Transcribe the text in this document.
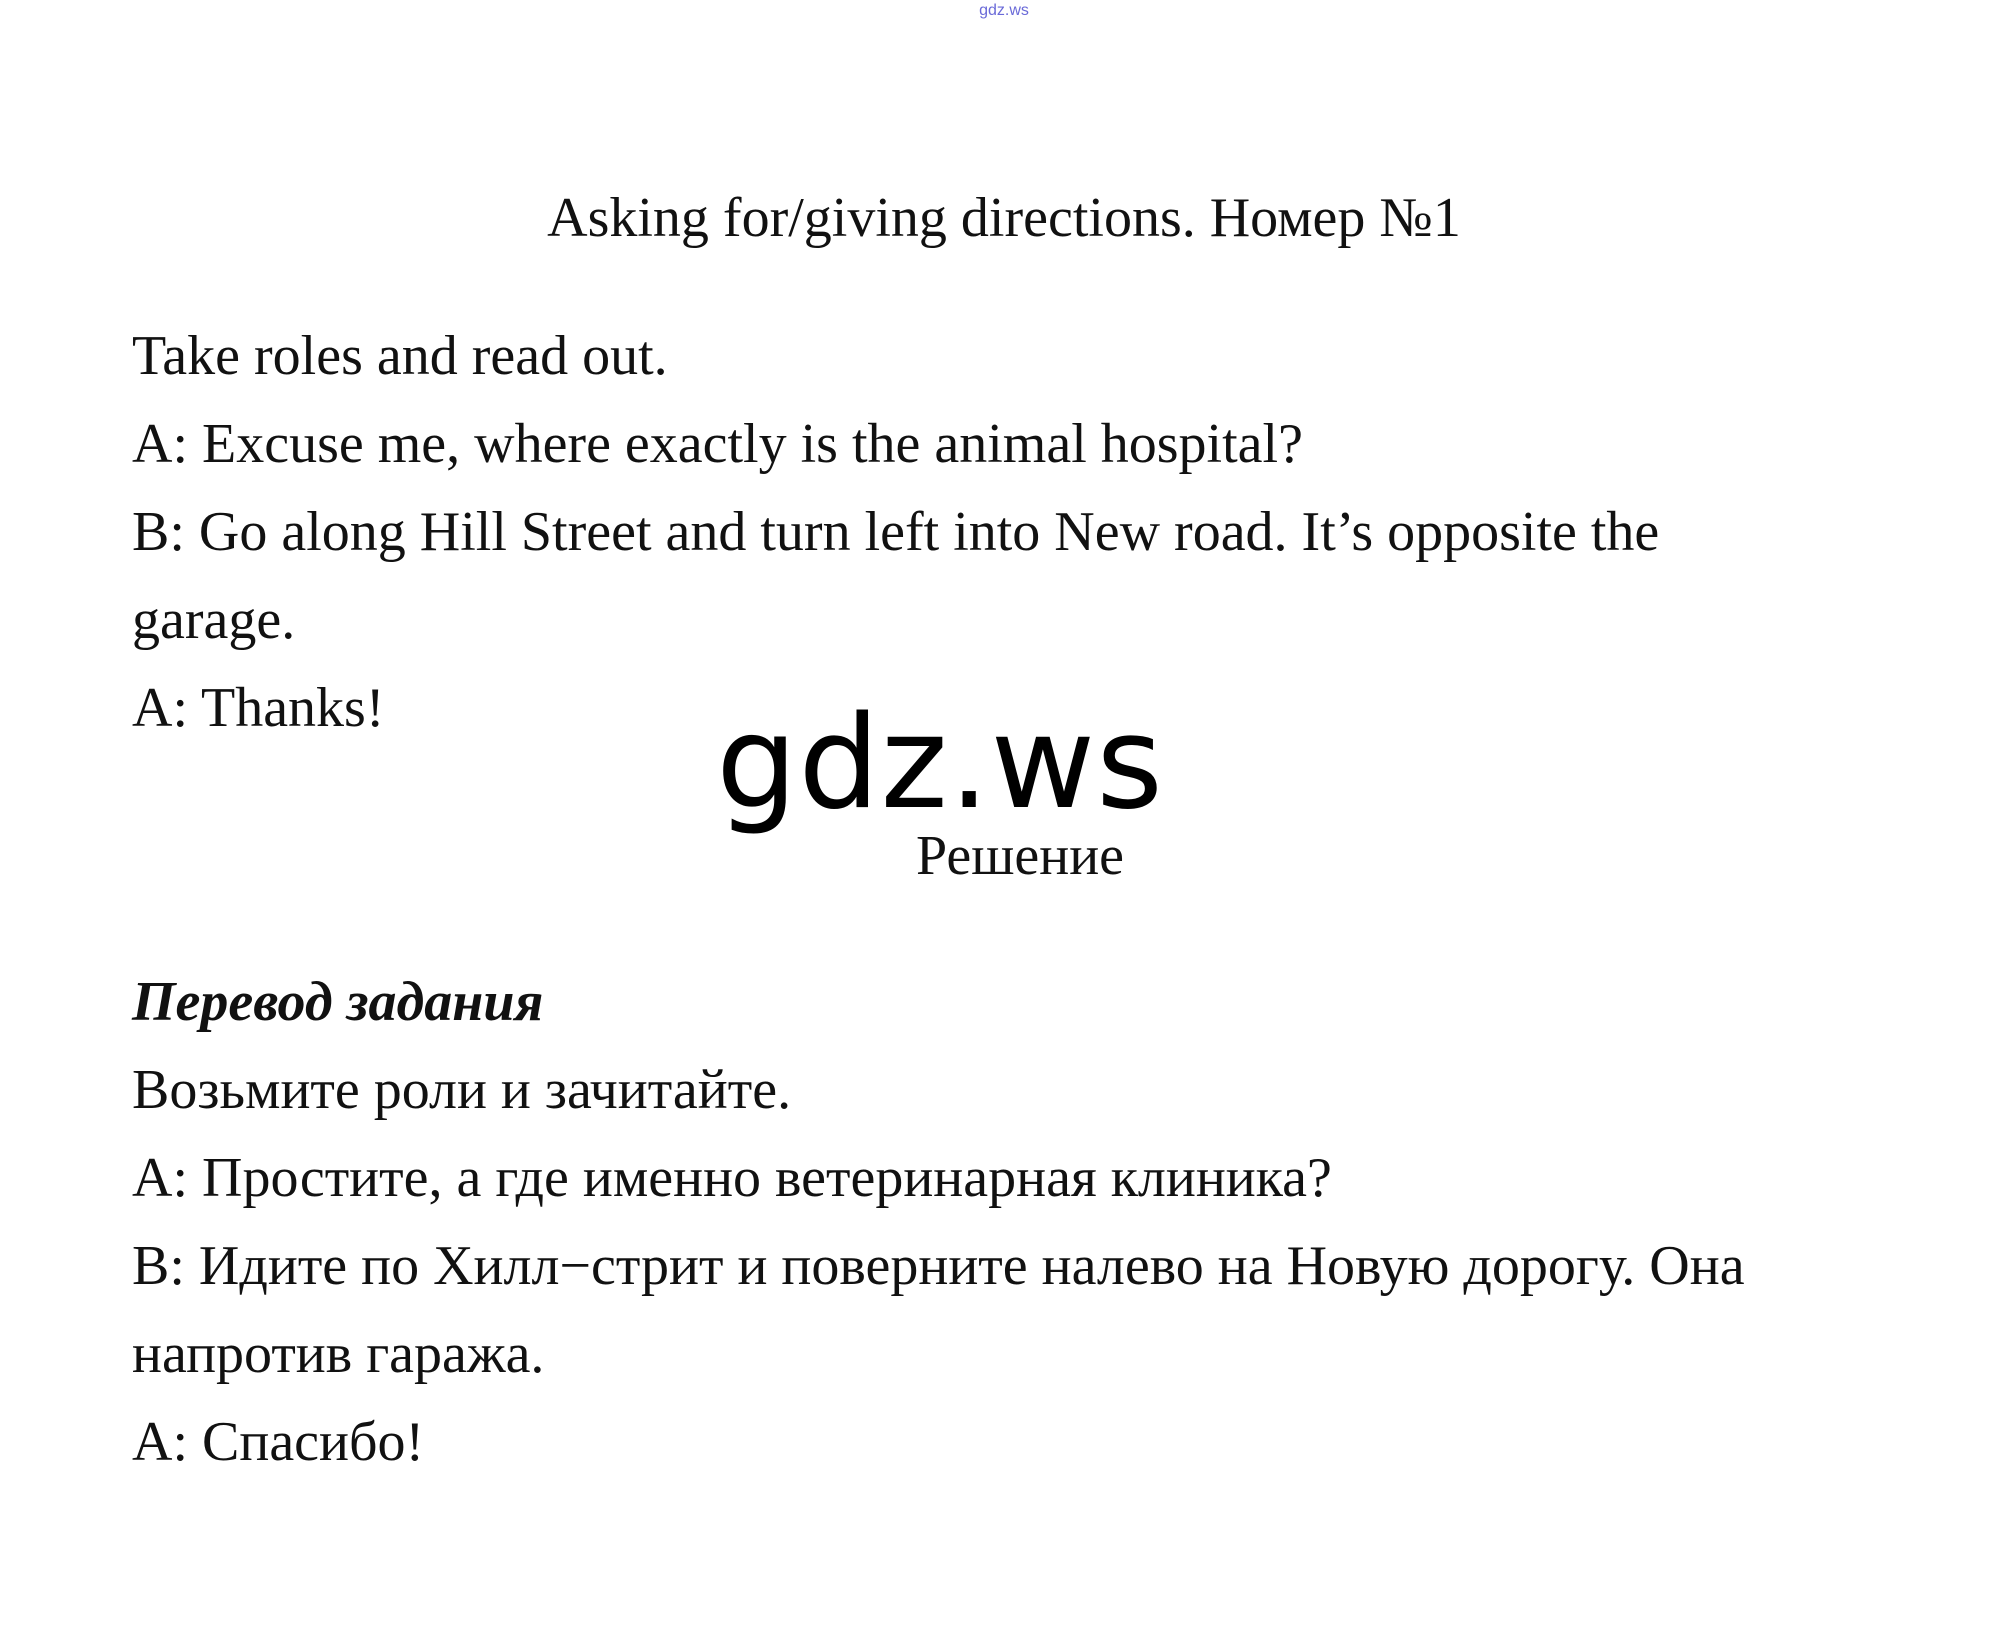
gdz.ws
Asking for/giving directions. Номер №1
Take roles and read out.
A: Excuse me, where exactly is the animal hospital?
B: Go along Hill Street and turn left into New road. It’s opposite the
garage.
A: Thanks!	gdz.ws
Решение
Перевод задания
Возьмите роли и зачитайте.
А: Простите, а где именно ветеринарная клиника?
В: Идите по Хилл−стрит и поверните налево на Новую дорогу. Она
напротив гаража.
А: Спасибо!
